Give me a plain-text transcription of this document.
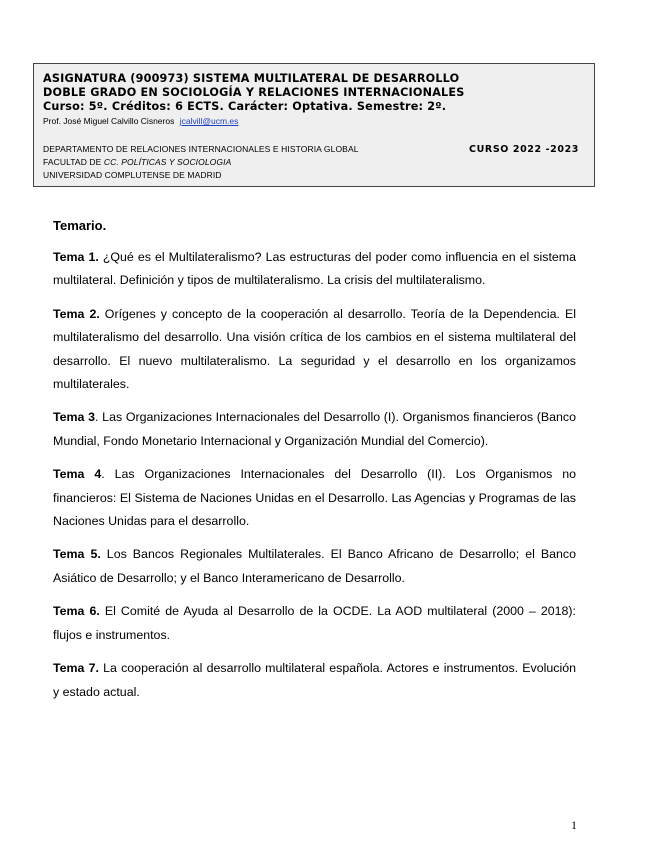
ASIGNATURA (900973) SISTEMA MULTILATERAL DE DESARROLLO
DOBLE GRADO EN SOCIOLOGÍA Y RELACIONES INTERNACIONALES
Curso: 5º. Créditos: 6 ECTS. Carácter: Optativa. Semestre: 2º.
Prof. José Miguel Calvillo Cisneros jcalvill@ucm.es
DEPARTAMENTO DE RELACIONES INTERNACIONALES E HISTORIA GLOBAL	CURSO 2022 -2023
FACULTAD DE CC. POLÍTICAS Y SOCIOLOGIA
UNIVERSIDAD COMPLUTENSE DE MADRID

Temario.

Tema 1. ¿Qué es el Multilateralismo? Las estructuras del poder como influencia en el sistema multilateral. Definición y tipos de multilateralismo. La crisis del multilateralismo.

Tema 2. Orígenes y concepto de la cooperación al desarrollo. Teoría de la Dependencia. El multilateralismo del desarrollo. Una visión crítica de los cambios en el sistema multilateral del desarrollo. El nuevo multilateralismo. La seguridad y el desarrollo en los organizamos multilaterales.

Tema 3. Las Organizaciones Internacionales del Desarrollo (I). Organismos financieros (Banco Mundial, Fondo Monetario Internacional y Organización Mundial del Comercio).

Tema 4. Las Organizaciones Internacionales del Desarrollo (II). Los Organismos no financieros: El Sistema de Naciones Unidas en el Desarrollo. Las Agencias y Programas de las Naciones Unidas para el desarrollo.

Tema 5. Los Bancos Regionales Multilaterales. El Banco Africano de Desarrollo; el Banco Asiático de Desarrollo; y el Banco Interamericano de Desarrollo.

Tema 6. El Comité de Ayuda al Desarrollo de la OCDE. La AOD multilateral (2000 – 2018): flujos e instrumentos.

Tema 7. La cooperación al desarrollo multilateral española. Actores e instrumentos. Evolución y estado actual.

1
